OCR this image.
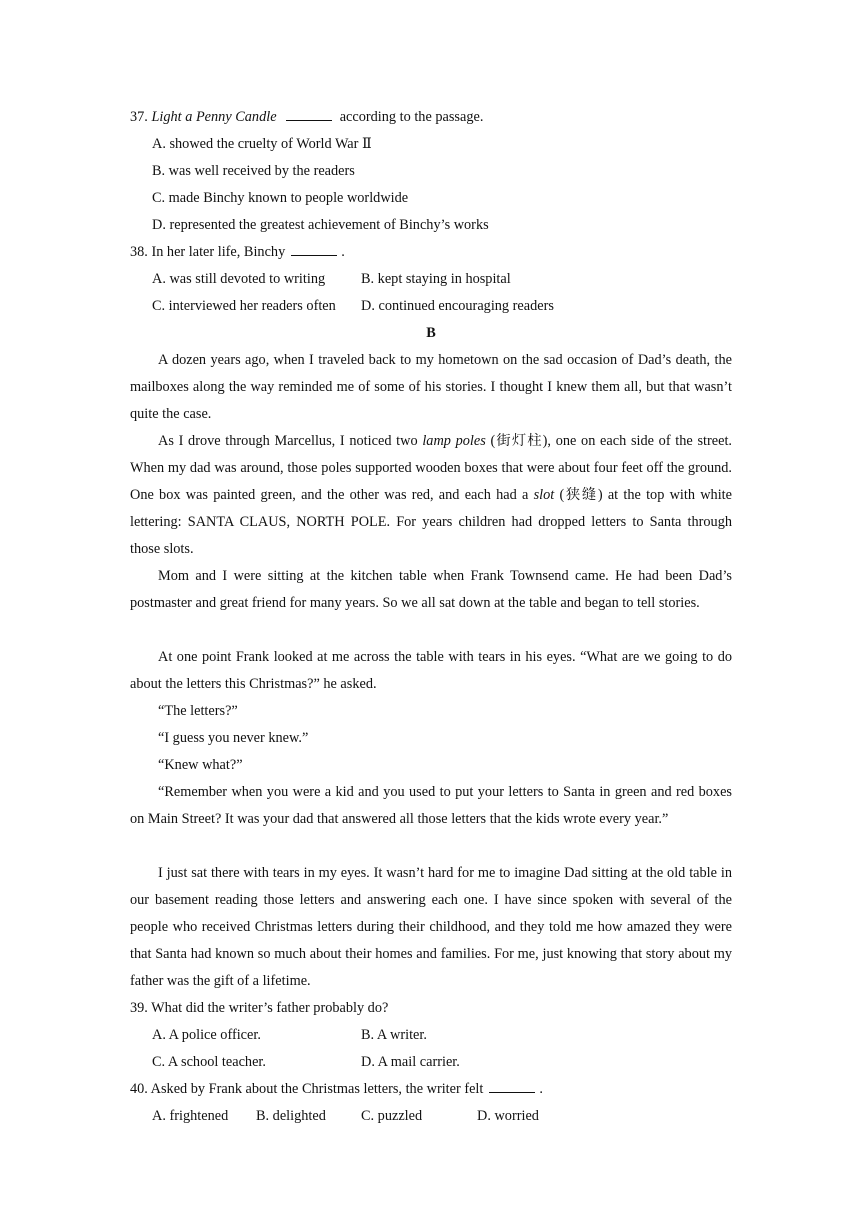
37. Light a Penny Candle	according to the passage.
A. showed the cruelty of World War Ⅱ
B. was well received by the readers
C. made Binchy known to people worldwide
D. represented the greatest achievement of Binchy’s works
38. In her later life, Binchy	.
A. was still devoted to writing	B. kept staying in hospital
C. interviewed her readers often D. continued encouraging readers
B
A dozen years ago, when I traveled back to my hometown on the sad occasion of Dad’s death, the mailboxes along the way reminded me of some of his stories. I thought I knew them all, but that wasn’t quite the case.
As I drove through Marcellus, I noticed two lamp poles (街灯柱), one on each side of the street. When my dad was around, those poles supported wooden boxes that were about four feet off the ground. One box was painted green, and the other was red, and each had a slot (狭缝) at the top with white lettering: SANTA CLAUS, NORTH POLE. For years children had dropped letters to Santa through those slots.
Mom and I were sitting at the kitchen table when Frank Townsend came. He had been Dad’s postmaster and great friend for many years. So we all sat down at the table and began to tell stories.
At one point Frank looked at me across the table with tears in his eyes. “What are we going to do about the letters this Christmas?” he asked.
“The letters?”
“I guess you never knew.”
“Knew what?”
“Remember when you were a kid and you used to put your letters to Santa in green and red boxes on Main Street? It was your dad that answered all those letters that the kids wrote every year.”
I just sat there with tears in my eyes. It wasn’t hard for me to imagine Dad sitting at the old table in our basement reading those letters and answering each one. I have since spoken with several of the people who received Christmas letters during their childhood, and they told me how amazed they were that Santa had known so much about their homes and families. For me, just knowing that story about my father was the gift of a lifetime.
39. What did the writer’s father probably do?
A. A police officer.	B. A writer.
C. A school teacher.	D. A mail carrier.
40. Asked by Frank about the Christmas letters, the writer felt	.
A. frightened B. delighted C. puzzled	D. worried
